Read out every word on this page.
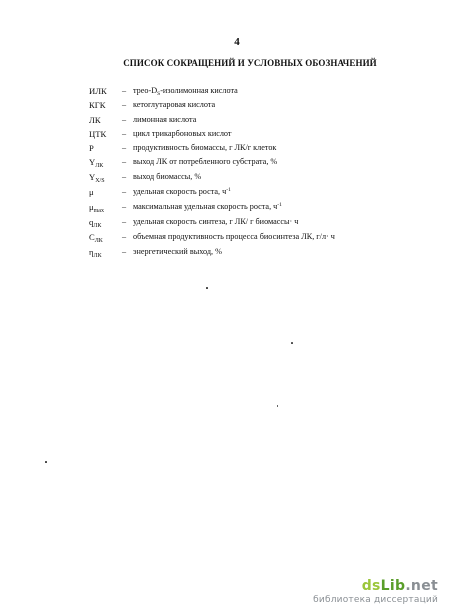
4
СПИСОК СОКРАЩЕНИЙ И УСЛОВНЫХ ОБОЗНАЧЕНИЙ
ИЛК – трео-$D_S$-изолимонная кислота
КГК – кетоглутаровая кислота
ЛК	– лимонная кислота
ЦТК – цикл трикарбоновых кислот
P	– продуктивность биомассы, г ЛК/г клеток
$Y_{ЛК}$ – выход ЛК от потребленного субстрата, %
$Y_{X/S}$ – выход биомассы, %
μ	– удельная скорость роста, $ч^{-1}$
$\mu_{max}$ – максимальная удельная скорость роста, $ч^{-1}$
$q_{ЛК}$	– удельная скорость синтеза, г ЛК/ г биомассы· ч
$C_{ЛК}$ – объемная продуктивность процесса биосинтеза ЛК, г/л· ч
$\eta_{ЛК}$ – энергетический выход, %
dsLib.net
библиотека диссертаций
